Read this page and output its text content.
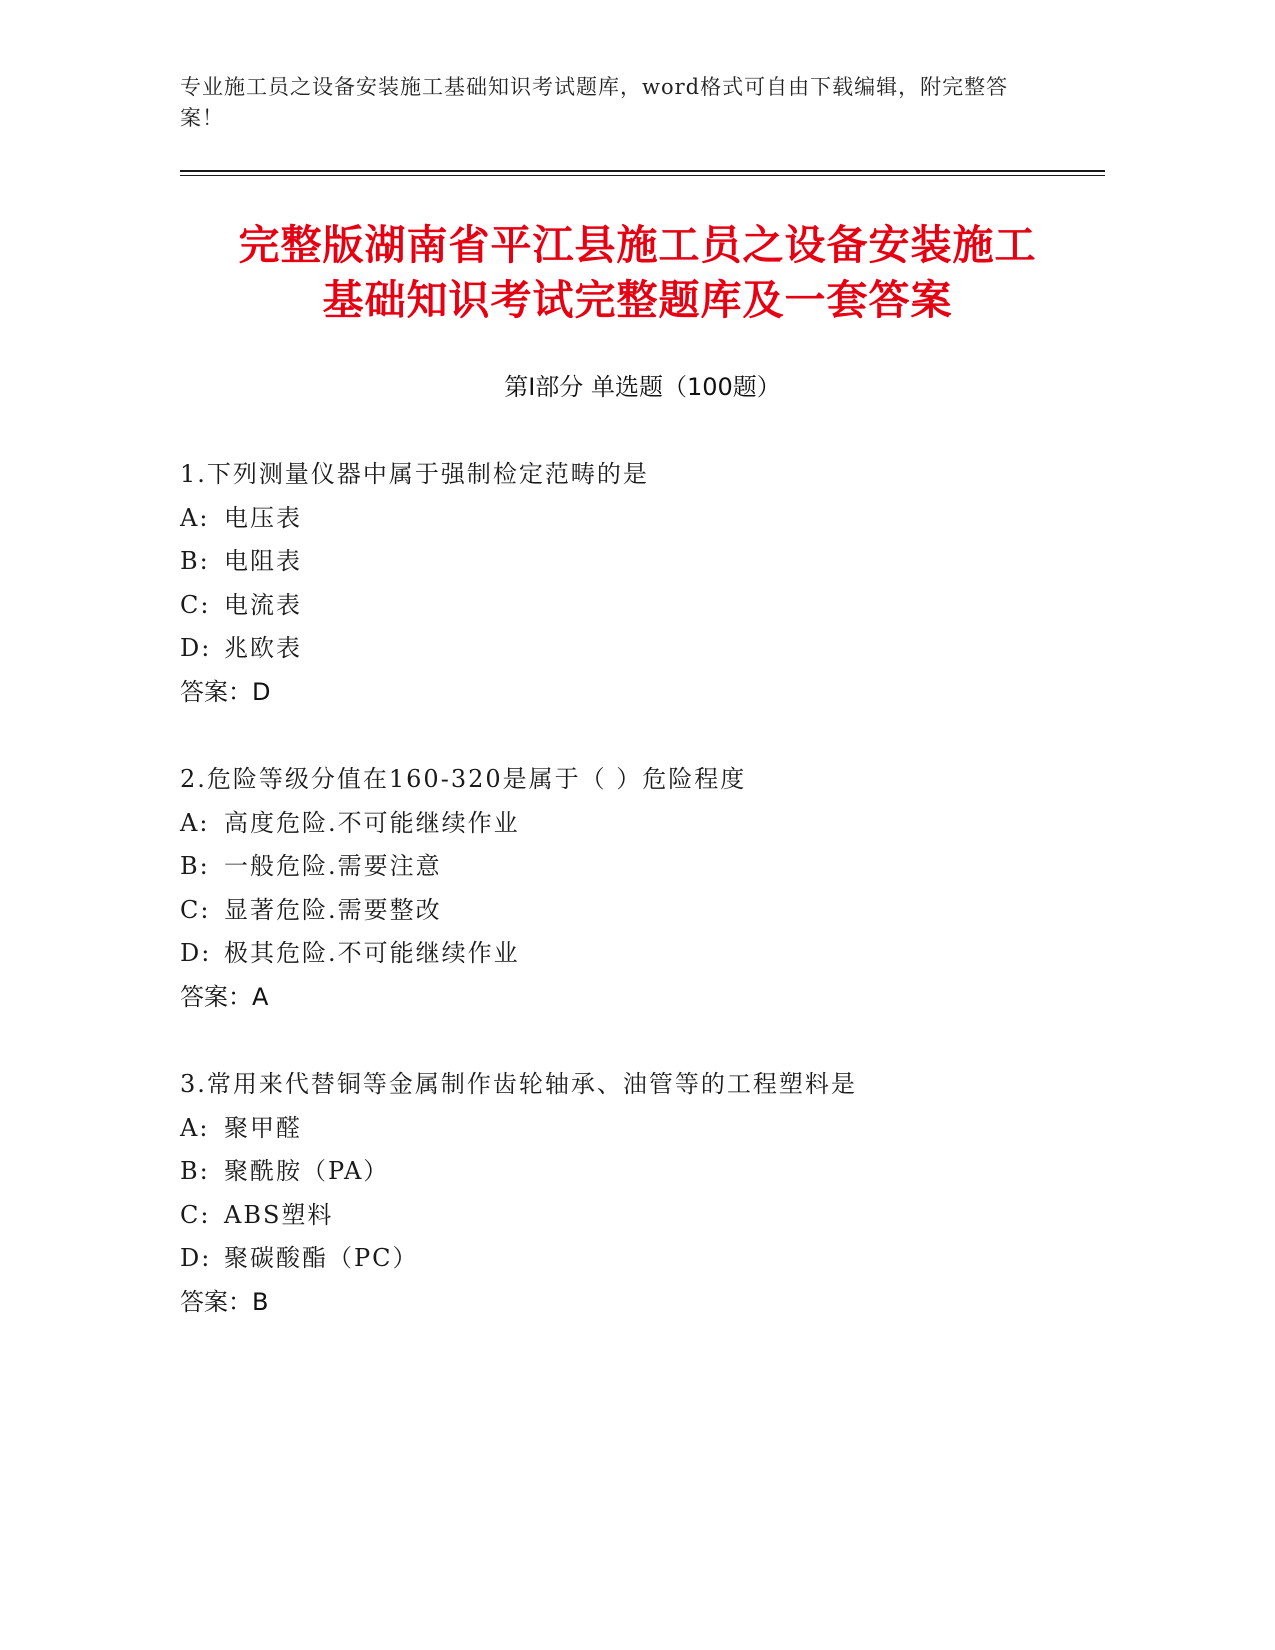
专业施工员之设备安装施工基础知识考试题库，word格式可自由下载编辑，附完整答案！
完整版湖南省平江县施工员之设备安装施工
基础知识考试完整题库及一套答案
第Ⅰ部分 单选题（100题）
1.下列测量仪器中属于强制检定范畴的是
A: 电压表
B: 电阻表
C: 电流表
D: 兆欧表
答案：D
2.危险等级分值在160-320是属于（ ）危险程度
A: 高度危险.不可能继续作业
B: 一般危险.需要注意
C: 显著危险.需要整改
D: 极其危险.不可能继续作业
答案：A
3.常用来代替铜等金属制作齿轮轴承、油管等的工程塑料是
A: 聚甲醛
B: 聚酰胺（PA）
C: ABS塑料
D: 聚碳酸酯（PC）
答案：B
